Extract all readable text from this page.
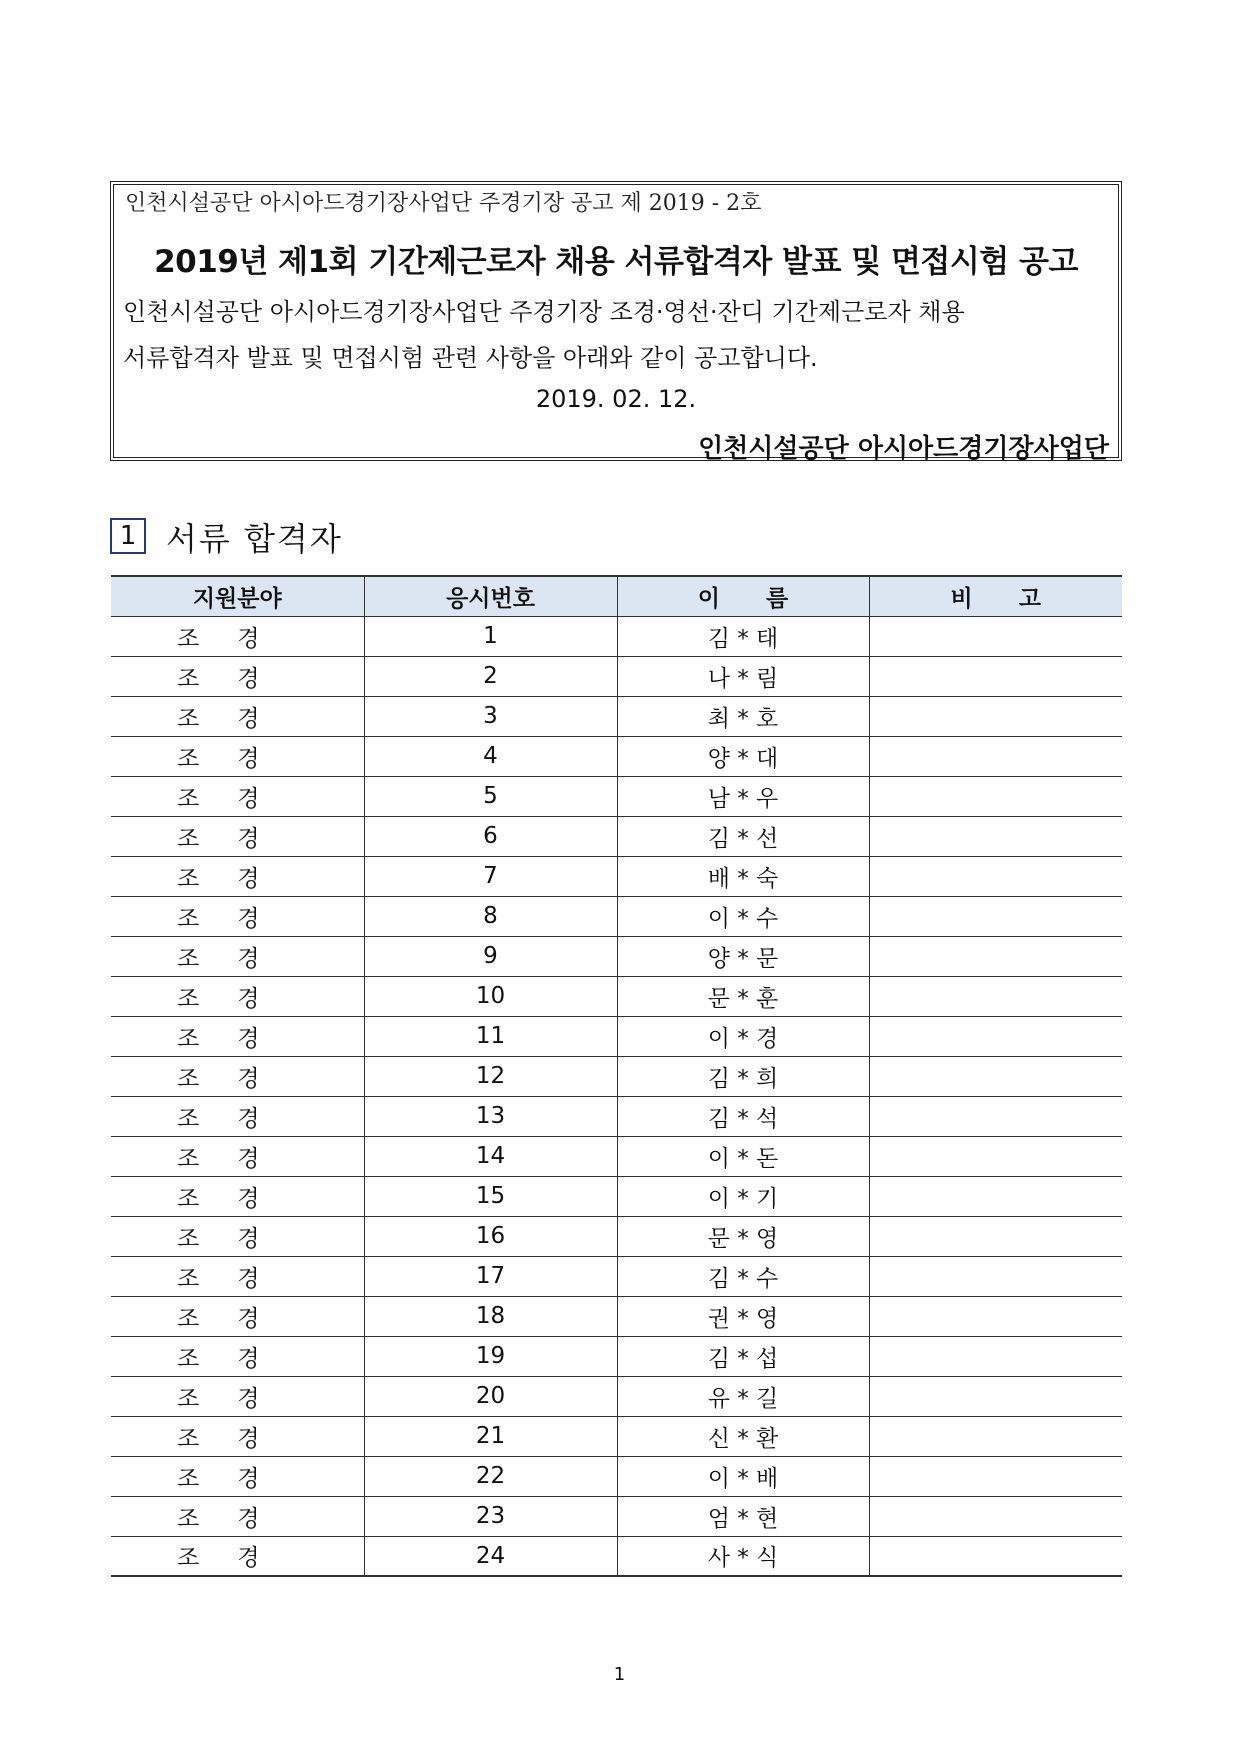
인천시설공단 아시아드경기장사업단 주경기장 공고 제 2019 - 2호
2019년 제1회 기간제근로자 채용 서류합격자 발표 및 면접시험 공고
인천시설공단 아시아드경기장사업단 주경기장 조경·영선·잔디 기간제근로자 채용
서류합격자 발표 및 면접시험 관련 사항을 아래와 같이 공고합니다.
2019. 02. 12.
인천시설공단 아시아드경기장사업단
1 서류 합격자
지원분야	응시번호	이　　름	비　　고
조경	1	김 * 태	
조경	2	나 * 림	
조경	3	최 * 호	
조경	4	양 * 대	
조경	5	남 * 우	
조경	6	김 * 선	
조경	7	배 * 숙	
조경	8	이 * 수	
조경	9	양 * 문	
조경	10	문 * 훈	
조경	11	이 * 경	
조경	12	김 * 희	
조경	13	김 * 석	
조경	14	이 * 돈	
조경	15	이 * 기	
조경	16	문 * 영	
조경	17	김 * 수	
조경	18	권 * 영	
조경	19	김 * 섭	
조경	20	유 * 길	
조경	21	신 * 환	
조경	22	이 * 배	
조경	23	엄 * 현	
조경	24	사 * 식	
1
